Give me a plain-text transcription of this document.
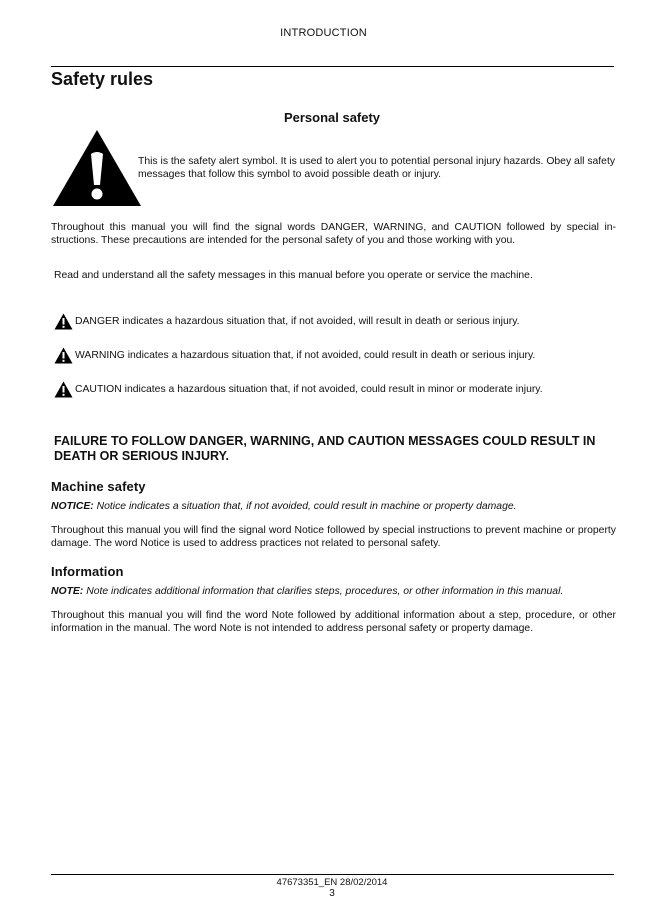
INTRODUCTION
Safety rules
Personal safety
This is the safety alert symbol. It is used to alert you to potential personal injury hazards. Obey all safety messages that follow this symbol to avoid possible death or injury.
Throughout this manual you will find the signal words DANGER, WARNING, and CAUTION followed by special in-structions. These precautions are intended for the personal safety of you and those working with you.
Read and understand all the safety messages in this manual before you operate or service the machine.
DANGER indicates a hazardous situation that, if not avoided, will result in death or serious injury.
WARNING indicates a hazardous situation that, if not avoided, could result in death or serious injury.
CAUTION indicates a hazardous situation that, if not avoided, could result in minor or moderate injury.
FAILURE TO FOLLOW DANGER, WARNING, AND CAUTION MESSAGES COULD RESULT IN DEATH OR SERIOUS INJURY.
Machine safety
NOTICE: Notice indicates a situation that, if not avoided, could result in machine or property damage.
Throughout this manual you will find the signal word Notice followed by special instructions to prevent machine or property damage. The word Notice is used to address practices not related to personal safety.
Information
NOTE: Note indicates additional information that clarifies steps, procedures, or other information in this manual.
Throughout this manual you will find the word Note followed by additional information about a step, procedure, or other information in the manual. The word Note is not intended to address personal safety or property damage.
47673351_EN 28/02/2014
3
